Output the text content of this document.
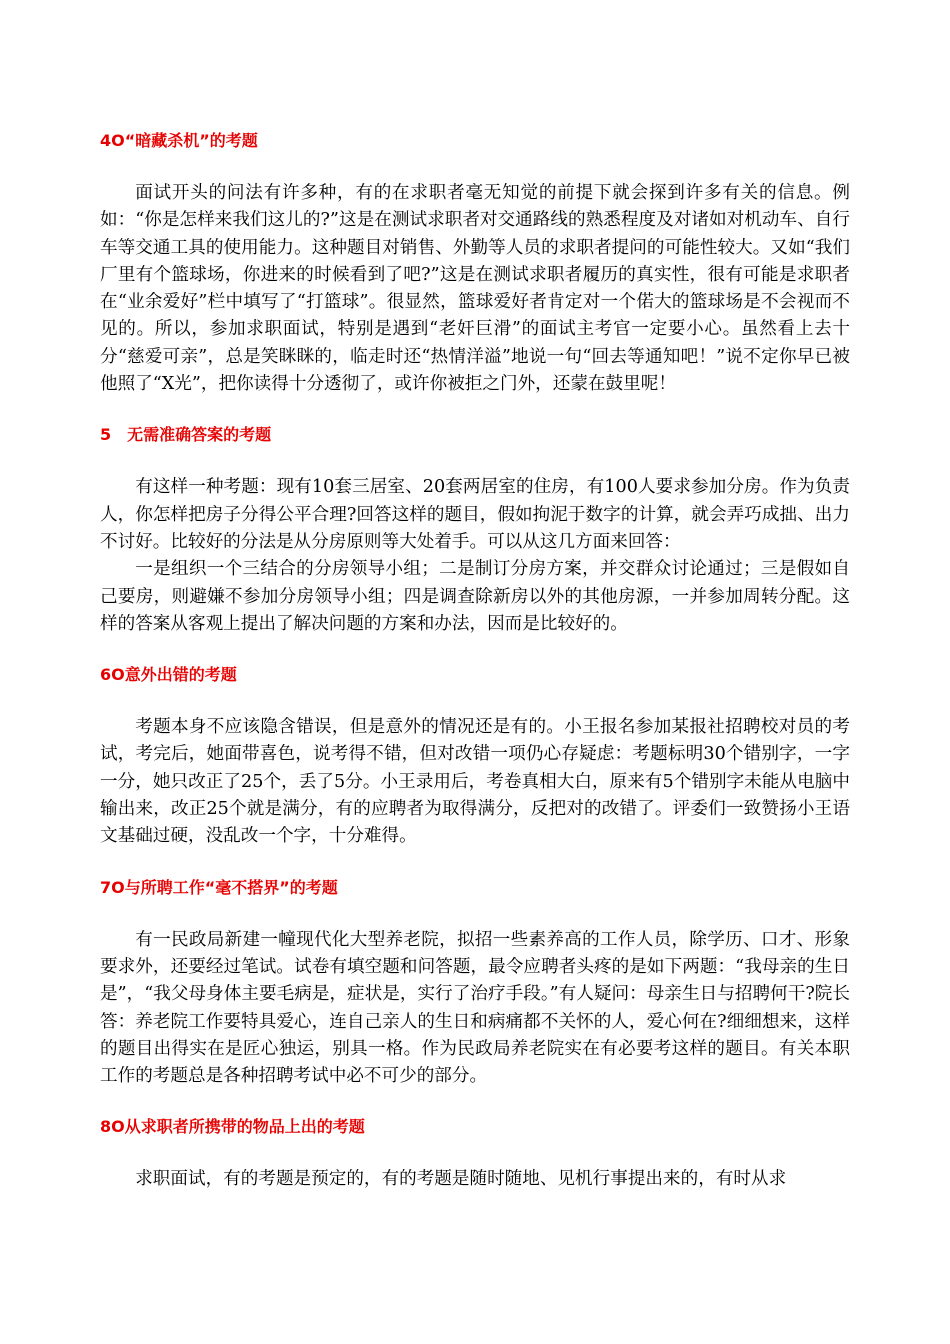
4O“暗藏杀机”的考题

面试开头的问法有许多种，有的在求职者毫无知觉的前提下就会探到许多有关的信息。例如：“你是怎样来我们这儿的?”这是在测试求职者对交通路线的熟悉程度及对诸如对机动车、自行车等交通工具的使用能力。这种题目对销售、外勤等人员的求职者提问的可能性较大。又如“我们厂里有个篮球场，你进来的时候看到了吧?”这是在测试求职者履历的真实性，很有可能是求职者在“业余爱好”栏中填写了“打篮球”。很显然，篮球爱好者肯定对一个偌大的篮球场是不会视而不见的。所以，参加求职面试，特别是遇到“老奸巨滑”的面试主考官一定要小心。虽然看上去十分“慈爱可亲”，总是笑眯眯的，临走时还“热情洋溢”地说一句“回去等通知吧！”说不定你早已被他照了“X光”，把你读得十分透彻了，或许你被拒之门外，还蒙在鼓里呢！

5　无需准确答案的考题

有这样一种考题：现有10套三居室、20套两居室的住房，有100人要求参加分房。作为负责人，你怎样把房子分得公平合理?回答这样的题目，假如拘泥于数字的计算，就会弄巧成拙、出力不讨好。比较好的分法是从分房原则等大处着手。可以从这几方面来回答：

一是组织一个三结合的分房领导小组；二是制订分房方案，并交群众讨论通过；三是假如自己要房，则避嫌不参加分房领导小组；四是调查除新房以外的其他房源，一并参加周转分配。这样的答案从客观上提出了解决问题的方案和办法，因而是比较好的。

6O意外出错的考题

考题本身不应该隐含错误，但是意外的情况还是有的。小王报名参加某报社招聘校对员的考试，考完后，她面带喜色，说考得不错，但对改错一项仍心存疑虑：考题标明30个错别字，一字一分，她只改正了25个，丢了5分。小王录用后，考卷真相大白，原来有5个错别字未能从电脑中输出来，改正25个就是满分，有的应聘者为取得满分，反把对的改错了。评委们一致赞扬小王语文基础过硬，没乱改一个字，十分难得。

7O与所聘工作“毫不搭界”的考题

有一民政局新建一幢现代化大型养老院，拟招一些素养高的工作人员，除学历、口才、形象要求外，还要经过笔试。试卷有填空题和问答题，最令应聘者头疼的是如下两题：“我母亲的生日是”，“我父母身体主要毛病是，症状是，实行了治疗手段。”有人疑问：母亲生日与招聘何干?院长答：养老院工作要特具爱心，连自己亲人的生日和病痛都不关怀的人，爱心何在?细细想来，这样的题目出得实在是匠心独运，别具一格。作为民政局养老院实在有必要考这样的题目。有关本职工作的考题总是各种招聘考试中必不可少的部分。

8O从求职者所携带的物品上出的考题

求职面试，有的考题是预定的，有的考题是随时随地、见机行事提出来的，有时从求
